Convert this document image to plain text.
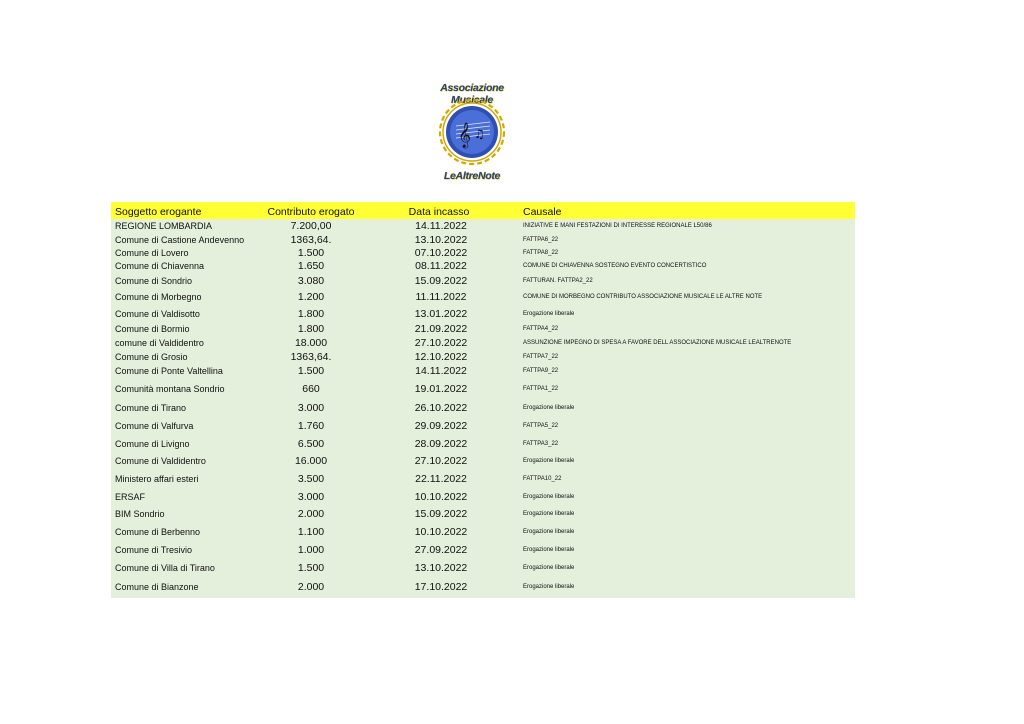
Associazione Musicale
𝄞 ♫
LeAltreNote
Soggetto erogante	Contributo erogato	Data incasso	Causale
REGIONE LOMBARDIA	7.200,00	14.11.2022	INIZIATIVE E MANI FESTAZIONI DI INTERESSE REGIONALE L50/86
Comune di Castione Andevenno	1363,64.	13.10.2022	FATTPA6_22
Comune di Lovero	1.500	07.10.2022	FATTPA8_22
Comune di Chiavenna	1.650	08.11.2022	COMUNE DI CHIAVENNA SOSTEGNO EVENTO CONCERTISTICO
Comune di Sondrio	3.080	15.09.2022	FATTURAN. FATTPA2_22
Comune di Morbegno	1.200	11.11.2022	COMUNE DI MORBEGNO CONTRIBUTO ASSOCIAZIONE MUSICALE LE ALTRE NOTE
Comune di Valdisotto	1.800	13.01.2022	Erogazione liberale
Comune di Bormio	1.800	21.09.2022	FATTPA4_22
comune di Valdidentro	18.000	27.10.2022	ASSUNZIONE IMPEGNO DI SPESA A FAVORE DELL ASSOCIAZIONE MUSICALE LEALTRENOTE
Comune di Grosio	1363,64.	12.10.2022	FATTPA7_22
Comune di Ponte Valtellina	1.500	14.11.2022	FATTPA9_22
Comunità montana Sondrio	660	19.01.2022	FATTPA1_22
Comune di Tirano	3.000	26.10.2022	Erogazione liberale
Comune di Valfurva	1.760	29.09.2022	FATTPA5_22
Comune di Livigno	6.500	28.09.2022	FATTPA3_22
Comune di Valdidentro	16.000	27.10.2022	Erogazione liberale
Ministero affari esteri	3.500	22.11.2022	FATTPA10_22
ERSAF	3.000	10.10.2022	Erogazione liberale
BIM Sondrio	2.000	15.09.2022	Erogazione liberale
Comune di Berbenno	1.100	10.10.2022	Erogazione liberale
Comune di Tresivio	1.000	27.09.2022	Erogazione liberale
Comune di Villa di Tirano	1.500	13.10.2022	Erogazione liberale
Comune di Bianzone	2.000	17.10.2022	Erogazione liberale
